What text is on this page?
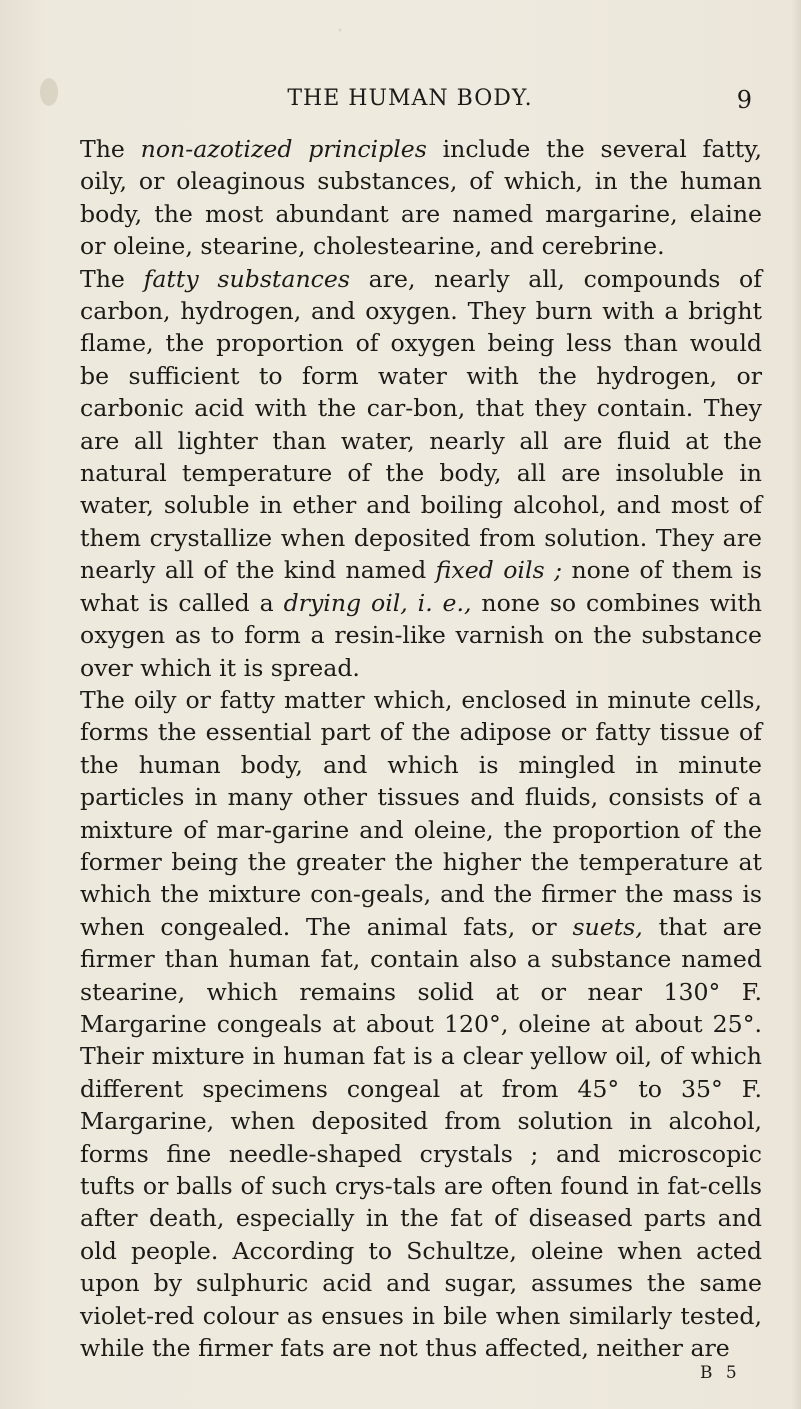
THE HUMAN BODY.	9

The non-azotized principles include the several fatty, oily, or oleaginous substances, of which, in the human body, the most abundant are named margarine, elaine or oleine, stearine, cholestearine, and cerebrine.

The fatty substances are, nearly all, compounds of carbon, hydrogen, and oxygen. They burn with a bright flame, the proportion of oxygen being less than would be sufficient to form water with the hydrogen, or carbonic acid with the car-bon, that they contain. They are all lighter than water, nearly all are fluid at the natural temperature of the body, all are insoluble in water, soluble in ether and boiling alcohol, and most of them crystallize when deposited from solution. They are nearly all of the kind named fixed oils ; none of them is what is called a drying oil, i. e., none so combines with oxygen as to form a resin-like varnish on the substance over which it is spread.

The oily or fatty matter which, enclosed in minute cells, forms the essential part of the adipose or fatty tissue of the human body, and which is mingled in minute particles in many other tissues and fluids, consists of a mixture of mar-garine and oleine, the proportion of the former being the greater the higher the temperature at which the mixture con-geals, and the firmer the mass is when congealed. The animal fats, or suets, that are firmer than human fat, contain also a substance named stearine, which remains solid at or near 130° F. Margarine congeals at about 120°, oleine at about 25°. Their mixture in human fat is a clear yellow oil, of which different specimens congeal at from 45° to 35° F. Margarine, when deposited from solution in alcohol, forms fine needle-shaped crystals ; and microscopic tufts or balls of such crys-tals are often found in fat-cells after death, especially in the fat of diseased parts and old people. According to Schultze, oleine when acted upon by sulphuric acid and sugar, assumes the same violet-red colour as ensues in bile when similarly tested, while the firmer fats are not thus affected, neither are

B 5
